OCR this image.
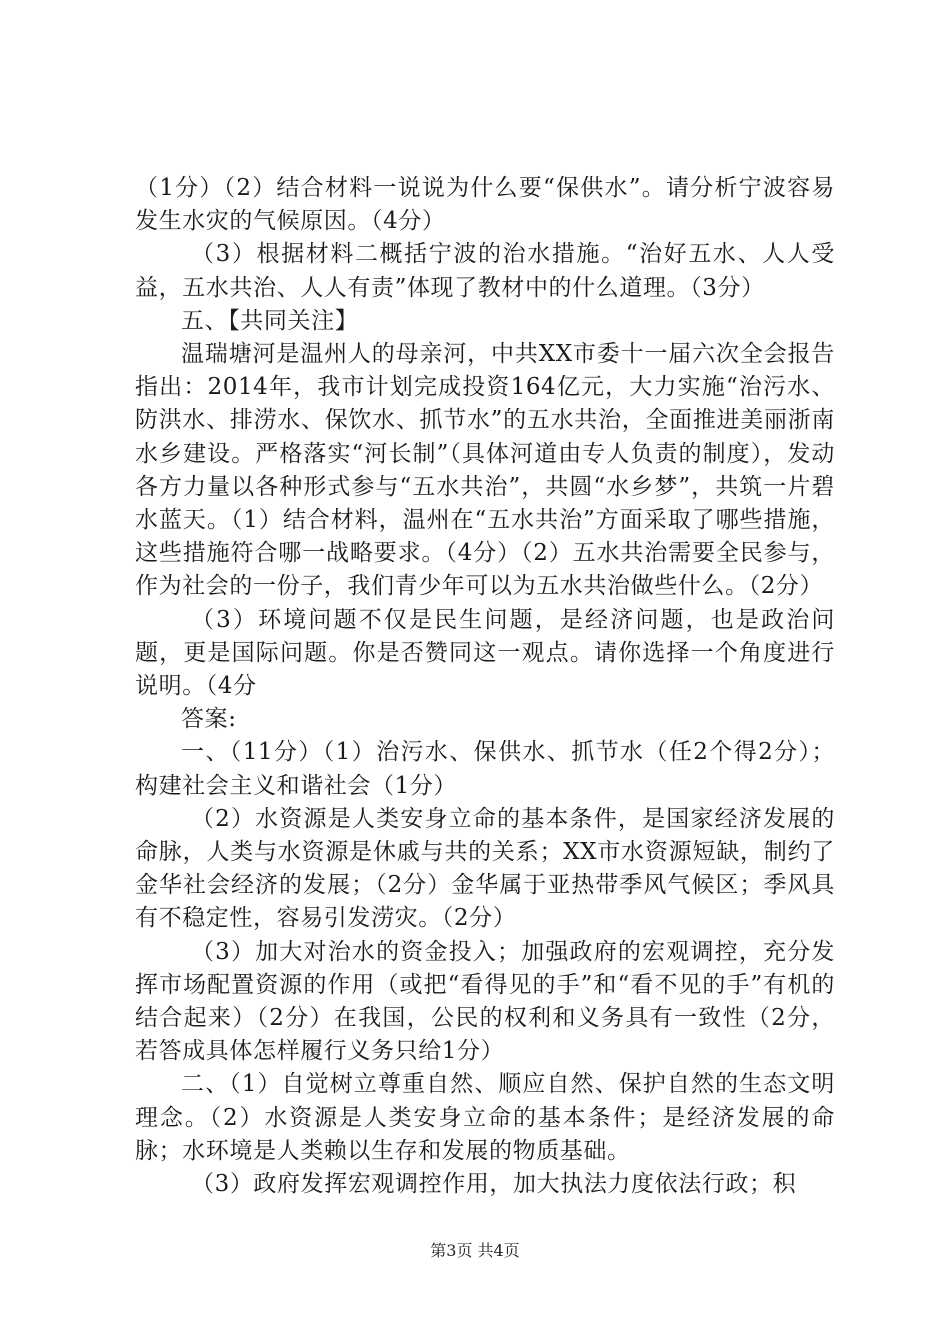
（1分）（2）结合材料一说说为什么要“保供水”。请分析宁波容易发生水灾的气候原因。（4分）

（3）根据材料二概括宁波的治水措施。“治好五水、人人受益，五水共治、人人有责”体现了教材中的什么道理。（3分）

五、【共同关注】

温瑞塘河是温州人的母亲河，中共XX市委十一届六次全会报告指出：2014年，我市计划完成投资164亿元，大力实施“治污水、防洪水、排涝水、保饮水、抓节水”的五水共治，全面推进美丽浙南水乡建设。严格落实“河长制”（具体河道由专人负责的制度），发动各方力量以各种形式参与“五水共治”，共圆“水乡梦”，共筑一片碧水蓝天。（1）结合材料，温州在“五水共治”方面采取了哪些措施，这些措施符合哪一战略要求。（4分）（2）五水共治需要全民参与，作为社会的一份子，我们青少年可以为五水共治做些什么。（2分）

（3）环境问题不仅是民生问题，是经济问题，也是政治问题，更是国际问题。你是否赞同这一观点。请你选择一个角度进行说明。（4分

答案:

一、（11分）（1）治污水、保供水、抓节水（任2个得2分）；构建社会主义和谐社会（1分）

（2）水资源是人类安身立命的基本条件，是国家经济发展的命脉，人类与水资源是休戚与共的关系；XX市水资源短缺，制约了金华社会经济的发展；（2分）金华属于亚热带季风气候区；季风具有不稳定性，容易引发涝灾。（2分）

（3）加大对治水的资金投入；加强政府的宏观调控，充分发挥市场配置资源的作用（或把“看得见的手”和“看不见的手”有机的结合起来）（2分）在我国，公民的权利和义务具有一致性（2分，若答成具体怎样履行义务只给1分）

二、（1）自觉树立尊重自然、顺应自然、保护自然的生态文明理念。（2）水资源是人类安身立命的基本条件；是经济发展的命脉；水环境是人类赖以生存和发展的物质基础。

（3）政府发挥宏观调控作用，加大执法力度依法行政；积

第3页 共4页
